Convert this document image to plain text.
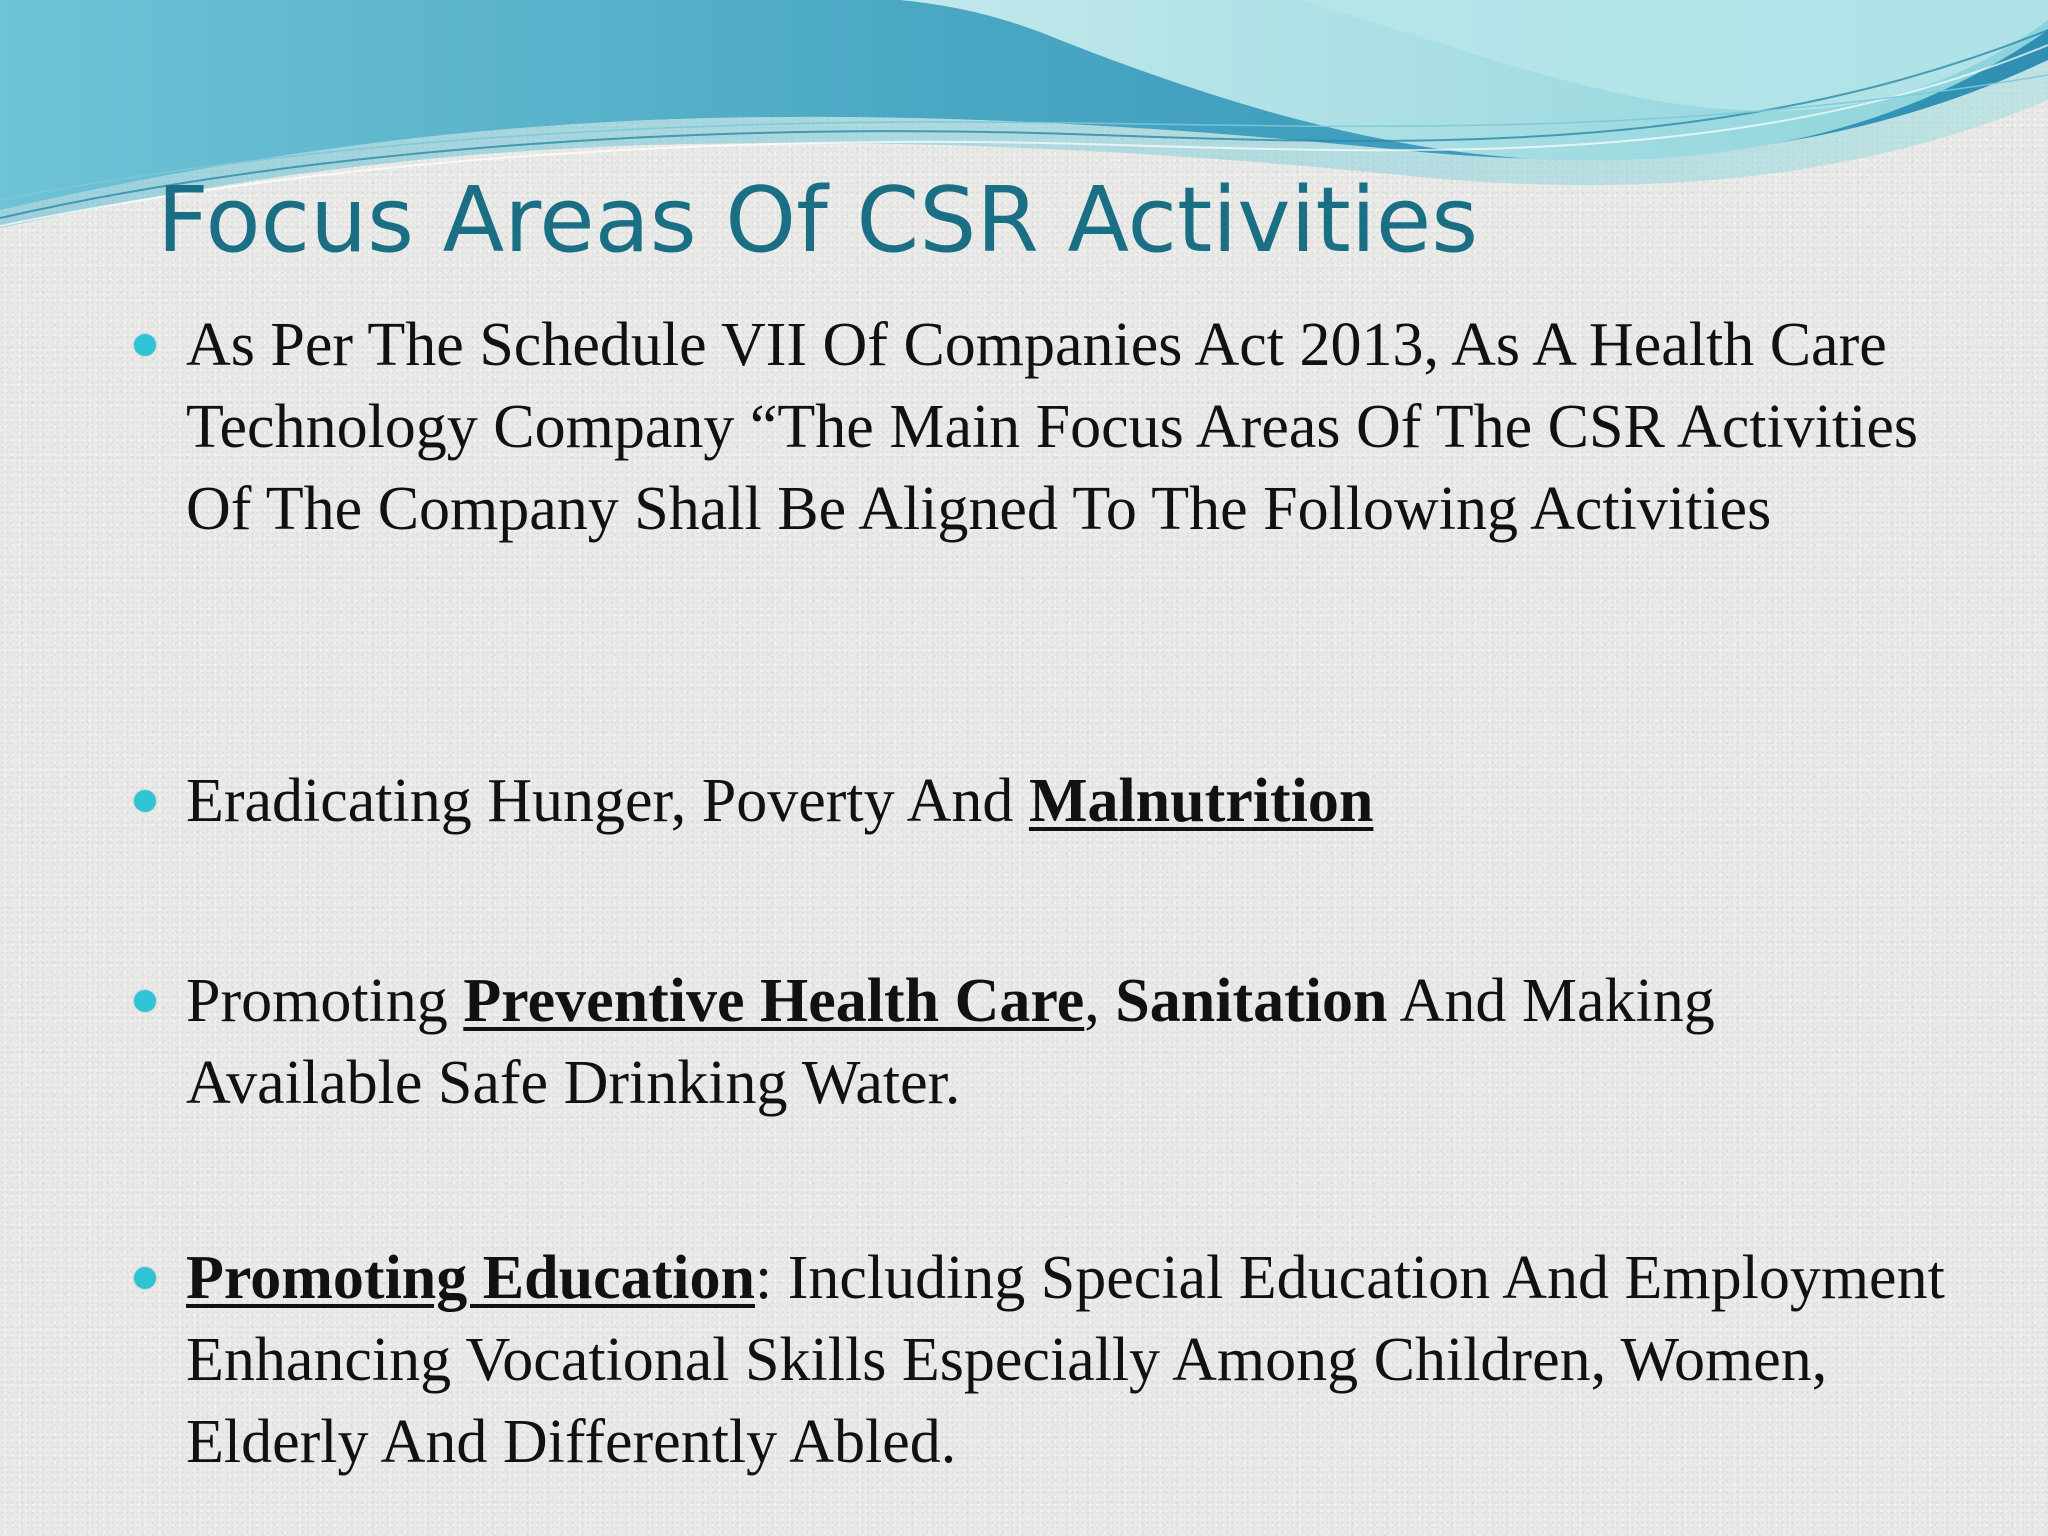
Focus Areas Of CSR Activities
As Per The Schedule VII Of Companies Act 2013, As A Health Care Technology Company “The Main Focus Areas Of The CSR Activities Of The Company Shall Be Aligned To The Following Activities
Eradicating Hunger, Poverty And Malnutrition
Promoting Preventive Health Care, Sanitation And Making Available Safe Drinking Water.
Promoting Education: Including Special Education And Employment Enhancing Vocational Skills Especially Among Children, Women, Elderly And Differently Abled.
